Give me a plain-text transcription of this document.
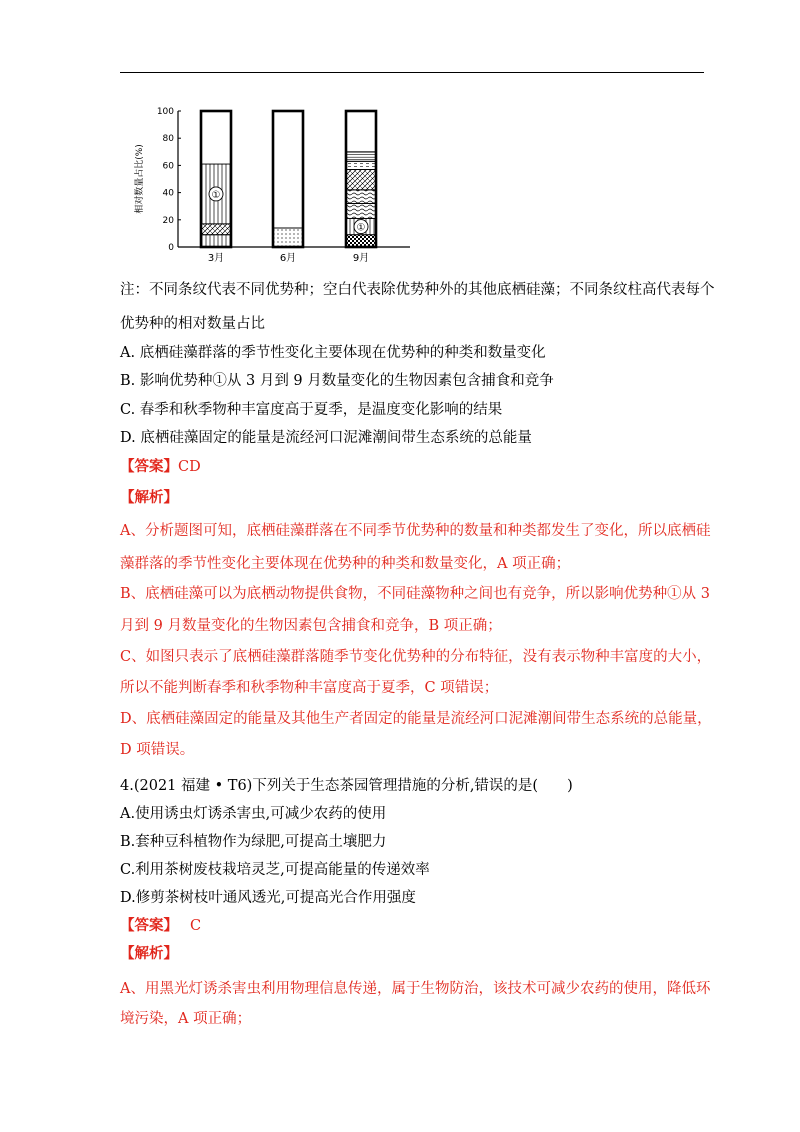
0
20
40
60
80
100
相对数量占比(%)	①
3月	6月
①
9月
注：不同条纹代表不同优势种；空白代表除优势种外的其他底栖硅藻；不同条纹柱高代表每个
优势种的相对数量占比
A. 底栖硅藻群落的季节性变化主要体现在优势种的种类和数量变化
B. 影响优势种①从 3 月到 9 月数量变化的生物因素包含捕食和竞争
C. 春季和秋季物种丰富度高于夏季，是温度变化影响的结果
D. 底栖硅藻固定的能量是流经河口泥滩潮间带生态系统的总能量
【答案】CD
【解析】
A、分析题图可知，底栖硅藻群落在不同季节优势种的数量和种类都发生了变化，所以底栖硅
藻群落的季节性变化主要体现在优势种的种类和数量变化，A 项正确；
B、底栖硅藻可以为底栖动物提供食物，不同硅藻物种之间也有竞争，所以影响优势种①从 3
月到 9 月数量变化的生物因素包含捕食和竞争，B 项正确；
C、如图只表示了底栖硅藻群落随季节变化优势种的分布特征，没有表示物种丰富度的大小，
所以不能判断春季和秋季物种丰富度高于夏季，C 项错误；
D、底栖硅藻固定的能量及其他生产者固定的能量是流经河口泥滩潮间带生态系统的总能量，
D 项错误。
4.(2021 福建 • T6)下列关于生态茶园管理措施的分析,错误的是(　　)
A.使用诱虫灯诱杀害虫,可减少农药的使用
B.套种豆科植物作为绿肥,可提高土壤肥力
C.利用茶树废枝栽培灵芝,可提高能量的传递效率
D.修剪茶树枝叶通风透光,可提高光合作用强度
【答案】 C
【解析】
A、用黑光灯诱杀害虫利用物理信息传递，属于生物防治，该技术可减少农药的使用，降低环
境污染，A 项正确；
